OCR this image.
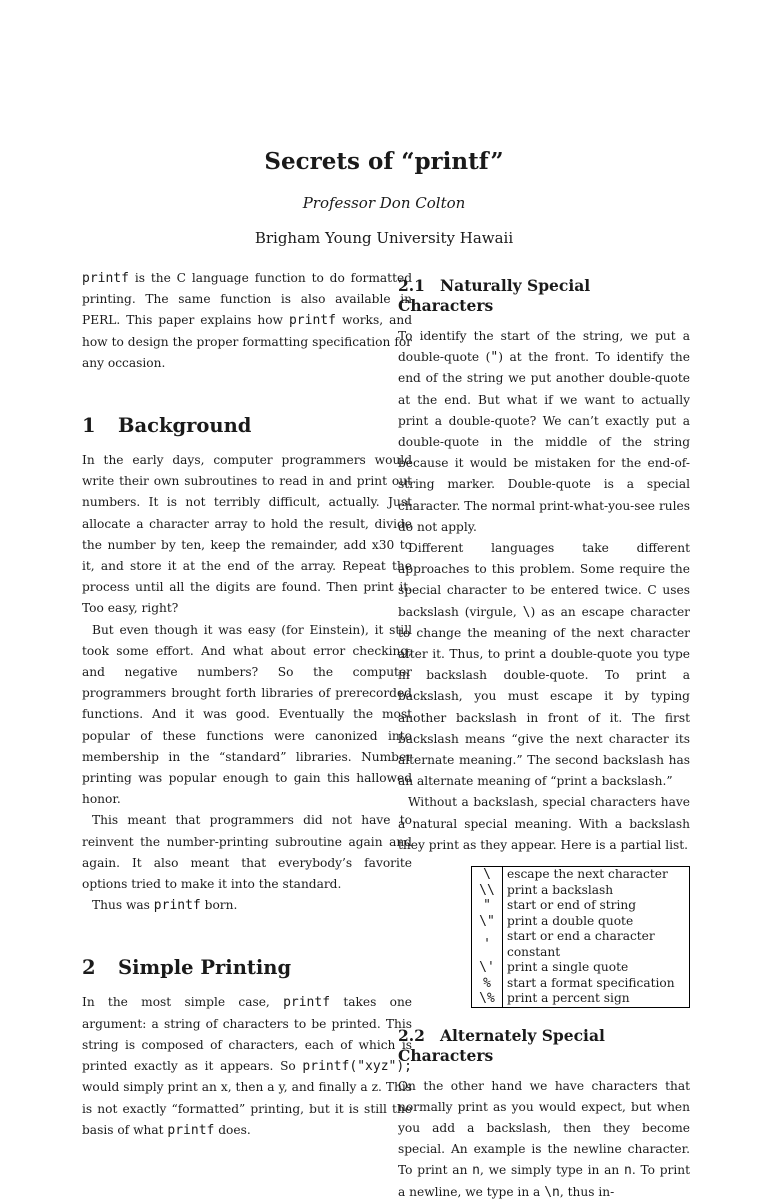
Secrets of “printf”
Professor Don Colton
Brigham Young University Hawaii

printf is the C language function to do formatted printing. The same function is also available in PERL. This paper explains how printf works, and how to design the proper formatting specification for any occasion.

1 Background

In the early days, computer programmers would write their own subroutines to read in and print out numbers. It is not terribly difficult, actually. Just allocate a character array to hold the result, divide the number by ten, keep the remainder, add x30 to it, and store it at the end of the array. Repeat the process until all the digits are found. Then print it. Too easy, right?

But even though it was easy (for Einstein), it still took some effort. And what about error checking, and negative numbers? So the computer programmers brought forth libraries of prerecorded functions. And it was good. Eventually the most popular of these functions were canonized into membership in the “standard” libraries. Number printing was popular enough to gain this hallowed honor.

This meant that programmers did not have to reinvent the number-printing subroutine again and again. It also meant that everybody’s favorite options tried to make it into the standard.

Thus was printf born.

2 Simple Printing

In the most simple case, printf takes one argument: a string of characters to be printed. This string is composed of characters, each of which is printed exactly as it appears. So printf("xyz"); would simply print an x, then a y, and finally a z. This is not exactly “formatted” printing, but it is still the basis of what printf does.

2.1 Naturally Special Characters

To identify the start of the string, we put a double-quote (") at the front. To identify the end of the string we put another double-quote at the end. But what if we want to actually print a double-quote? We can’t exactly put a double-quote in the middle of the string because it would be mistaken for the end-of-string marker. Double-quote is a special character. The normal print-what-you-see rules do not apply.

Different languages take different approaches to this problem. Some require the special character to be entered twice. C uses backslash (virgule, \) as an escape character to change the meaning of the next character after it. Thus, to print a double-quote you type in backslash double-quote. To print a backslash, you must escape it by typing another backslash in front of it. The first backslash means “give the next character its alternate meaning.” The second backslash has an alternate meaning of “print a backslash.”

Without a backslash, special characters have a natural special meaning. With a backslash they print as they appear. Here is a partial list.

\	escape the next character
\\	print a backslash
"	start or end of string
\"	print a double quote
'	start or end a character constant
\'	print a single quote
%	start a format specification
\%	print a percent sign
2.2 Alternately Special Characters

On the other hand we have characters that normally print as you would expect, but when you add a backslash, then they become special. An example is the newline character. To print an n, we simply type in an n. To print a newline, we type in a \n, thus in-
